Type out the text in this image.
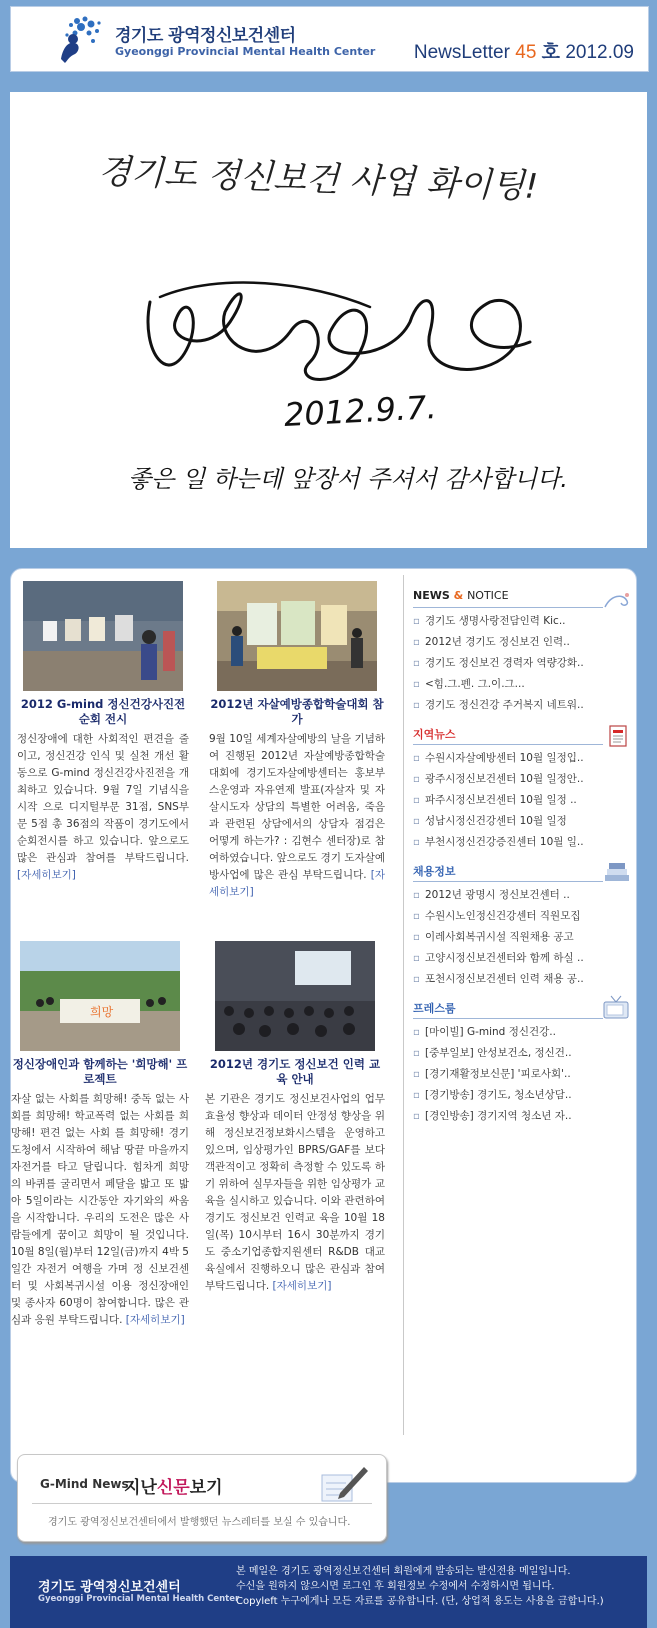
경기도 광역정신보건센터
Gyeonggi Provincial Mental Health Center NewsLetter 45 호 2012.09
경기도 정신보건 사업 화이팅!
2012.9.7.
좋은 일 하는데 앞장서 주셔서 감사합니다.
2012 G-mind 정신건강사진전 순회 전시

정신장애에 대한 사회적인 편견을 줄이고, 정신건강 인식 및 실천 개선 활동으로 G-mind 정신건강사진전을 개최하고 있습니다. 9월 7일 기념식을 시작 으로 디지털부문 31점, SNS부문 5점 총 36점의 작품이 경기도에서 순회전시를 하고 있습니다. 앞으로도 많은 관심과 참여를 부탁드립니다. [자세히보기]

2012년 자살예방종합학술대회 참가

9월 10일 세계자살예방의 날을 기념하여 진행된 2012년 자살예방종합학술대회에 경기도자살예방센터는 홍보부스운영과 자유연제 발표(자살자 및 자살시도자 상담의 특별한 어려움, 죽음과 관련된 상담에서의 상담자 점검은 어떻게 하는가? : 김현수 센터장)로 참여하였습니다. 앞으로도 경기 도자살예방사업에 많은 관심 부탁드립니다. [자세히보기]

희망
정신장애인과 함께하는 '희망해' 프로젝트

자살 없는 사회를 희망해! 중독 없는 사회를 희망해! 학교폭력 없는 사회를 희망해! 편견 없는 사회 를 희망해! 경기도청에서 시작하여 해남 땅끝 마을까지 자전거를 타고 달립니다. 힘차게 희망의 바퀴를 굴리면서 페달을 밟고 또 밟아 5일이라는 시간동안 자기와의 싸움을 시작합니다. 우리의 도전은 많은 사람들에게 꿈이고 희망이 될 것입니다. 10월 8일(월)부터 12일(금)까지 4박 5일간 자전거 여행을 가며 정 신보건센터 및 사회복귀시설 이용 정신장애인 및 종사자 60명이 참여합니다. 많은 관심과 응원 부탁드립니다. [자세히보기]

2012년 경기도 정신보건 인력 교육 안내

본 기관은 경기도 정신보건사업의 업무 효율성 향상과 데이터 안정성 향상을 위해 정신보건정보화시스템을 운영하고 있으며, 임상평가인 BPRS/GAF를 보다 객관적이고 정확히 측정할 수 있도록 하기 위하여 실무자들을 위한 임상평가 교육을 실시하고 있습니다. 이와 관련하여 경기도 정신보건 인력교 육을 10월 18일(목) 10시부터 16시 30분까지 경기도 중소기업종합지원센터 R&DB 대교육실에서 진행하오니 많은 관심과 참여 부탁드립니다. [자세히보기]

NEWS & NOTICE
▫ 경기도 생명사랑전담인력 Kic..
▫ 2012년 경기도 정신보건 인력..
▫ 경기도 정신보건 경력자 역량강화..
▫ <힘.그.펜. 그.이.그...
▫ 경기도 정신건강 주거복지 네트워..
지역뉴스
▫ 수원시자살예방센터 10월 일정입..
▫ 광주시정신보건센터 10월 일정안..
▫ 파주시정신보건센터 10월 일정 ..
▫ 성남시정신건강센터 10월 일정
▫ 부천시정신건강증진센터 10월 일..
채용정보
▫ 2012년 광명시 정신보건센터 ..
▫ 수원시노인정신건강센터 직원모집
▫ 이레사회복귀시설 직원채용 공고
▫ 고양시정신보건센터와 함께 하실 ..
▫ 포천시정신보건센터 인력 채용 공..
프레스룸
▫ [마이빌] G-mind 정신건강..
▫ [중부일보] 안성보건소, 정신건..
▫ [경기재활정보신문] '피로사회'..
▫ [경기방송] 경기도, 청소년상담..
▫ [경인방송] 경기지역 청소년 자..
G-Mind News
지난신문보기
경기도 광역정신보건센터에서 발행했던 뉴스레터를 보실 수 있습니다.
경기도 광역정신보건센터
Gyeonggi Provincial Mental Health Center
본 메일은 경기도 광역정신보건센터 회원에게 발송되는 발신전용 메일입니다.
수신을 원하지 않으시면 로그인 후 회원정보 수정에서 수정하시면 됩니다.
Copyleft 누구에게나 모든 자료를 공유합니다. (단, 상업적 용도는 사용을 금합니다.)
